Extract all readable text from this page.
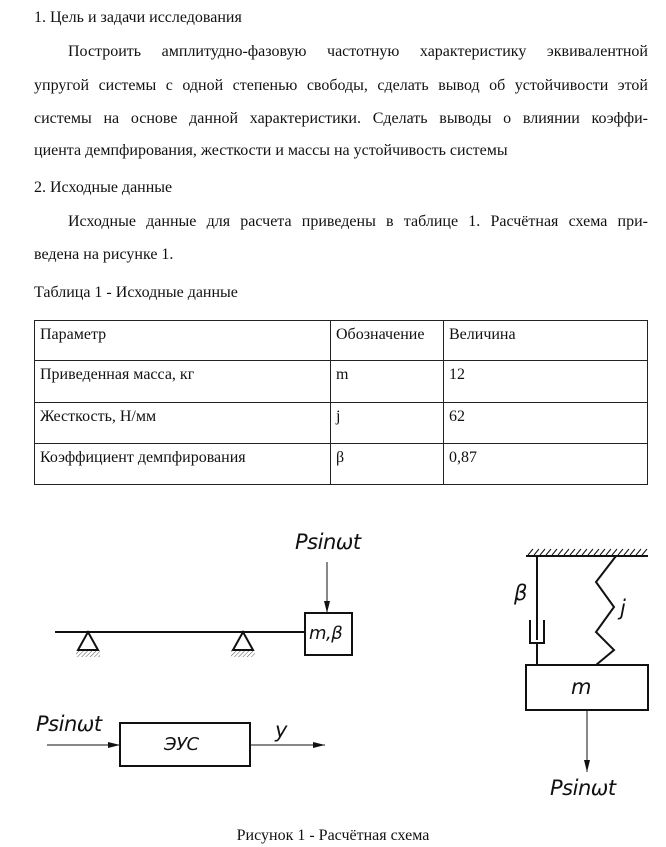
1. Цель и задачи исследования
Построить амплитудно-фазовую частотную характеристику эквивалентной
упругой системы с одной степенью свободы, сделать вывод об устойчивости этой
системы на основе данной характеристики. Сделать выводы о влиянии коэффи-
циента демпфирования, жесткости и массы на устойчивость системы
2. Исходные данные
Исходные данные для расчета приведены в таблице 1. Расчётная схема при-
ведена на рисунке 1.
Таблица 1 - Исходные данные
Параметр	Обозначение	Величина
Приведенная масса, кг	m	12
Жесткость, Н/мм	j	62
Коэффициент демпфирования	β	0,87
Psinωt
m,β
Psinωt
ЭУС
y
β
j
m
Psinωt
Рисунок 1 - Расчётная схема
